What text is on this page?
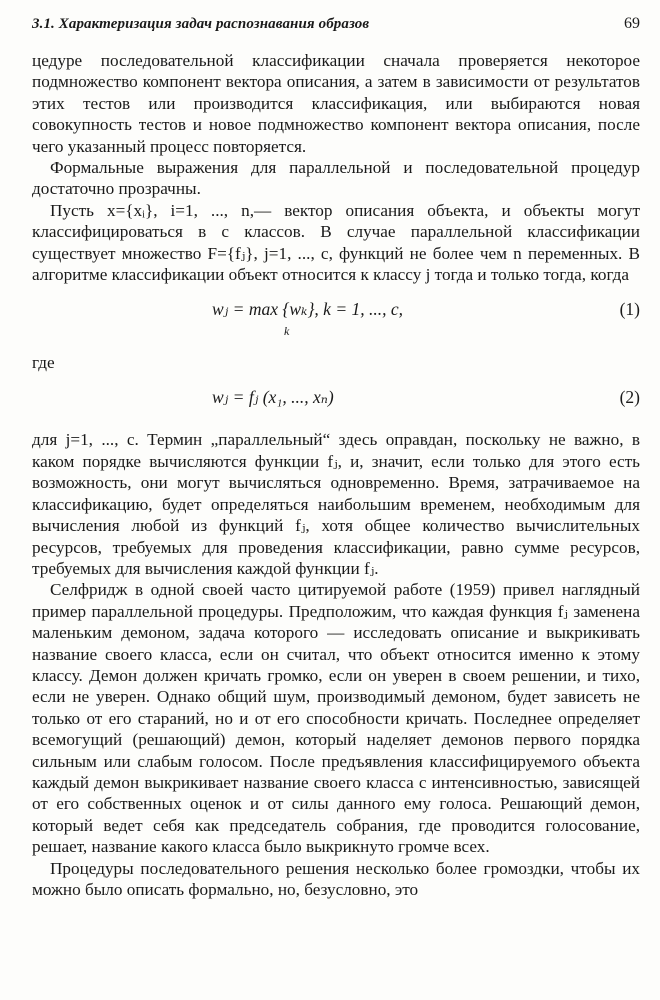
3.1. Характеризация задач распознавания образов	69

цедуре последовательной классификации сначала проверяется некоторое подмножество компонент вектора описания, а затем в зависимости от результатов этих тестов или производится классификация, или выбираются новая совокупность тестов и новое подмножество компонент вектора описания, после чего указанный процесс повторяется.

Формальные выражения для параллельной и последовательной процедур достаточно прозрачны.

Пусть x={xᵢ}, i=1, ..., n,— вектор описания объекта, и объекты могут классифицироваться в c классов. В случае параллельной классификации существует множество F={fⱼ}, j=1, ..., c, функций не более чем n переменных. В алгоритме классификации объект относится к классу j тогда и только тогда, когда

wⱼ = max {wₖ}, k = 1, ..., c,
k
(1)

где

wⱼ = fⱼ (x₁, ..., xₙ)	(2)

для j=1, ..., c. Термин „параллельный“ здесь оправдан, поскольку не важно, в каком порядке вычисляются функции fⱼ, и, значит, если только для этого есть возможность, они могут вычисляться одновременно. Время, затрачиваемое на классификацию, будет определяться наибольшим временем, необходимым для вычисления любой из функций fⱼ, хотя общее количество вычислительных ресурсов, требуемых для проведения классификации, равно сумме ресурсов, требуемых для вычисления каждой функции fⱼ.

Селфридж в одной своей часто цитируемой работе (1959) привел наглядный пример параллельной процедуры. Предположим, что каждая функция fⱼ заменена маленьким демоном, задача которого — исследовать описание и выкрикивать название своего класса, если он считал, что объект относится именно к этому классу. Демон должен кричать громко, если он уверен в своем решении, и тихо, если не уверен. Однако общий шум, производимый демоном, будет зависеть не только от его стараний, но и от его способности кричать. Последнее определяет всемогущий (решающий) демон, который наделяет демонов первого порядка сильным или слабым голосом. После предъявления классифицируемого объекта каждый демон выкрикивает название своего класса с интенсивностью, зависящей от его собственных оценок и от силы данного ему голоса. Решающий демон, который ведет себя как председатель собрания, где проводится голосование, решает, название какого класса было выкрикнуто громче всех.

Процедуры последовательного решения несколько более громоздки, чтобы их можно было описать формально, но, безусловно, это
